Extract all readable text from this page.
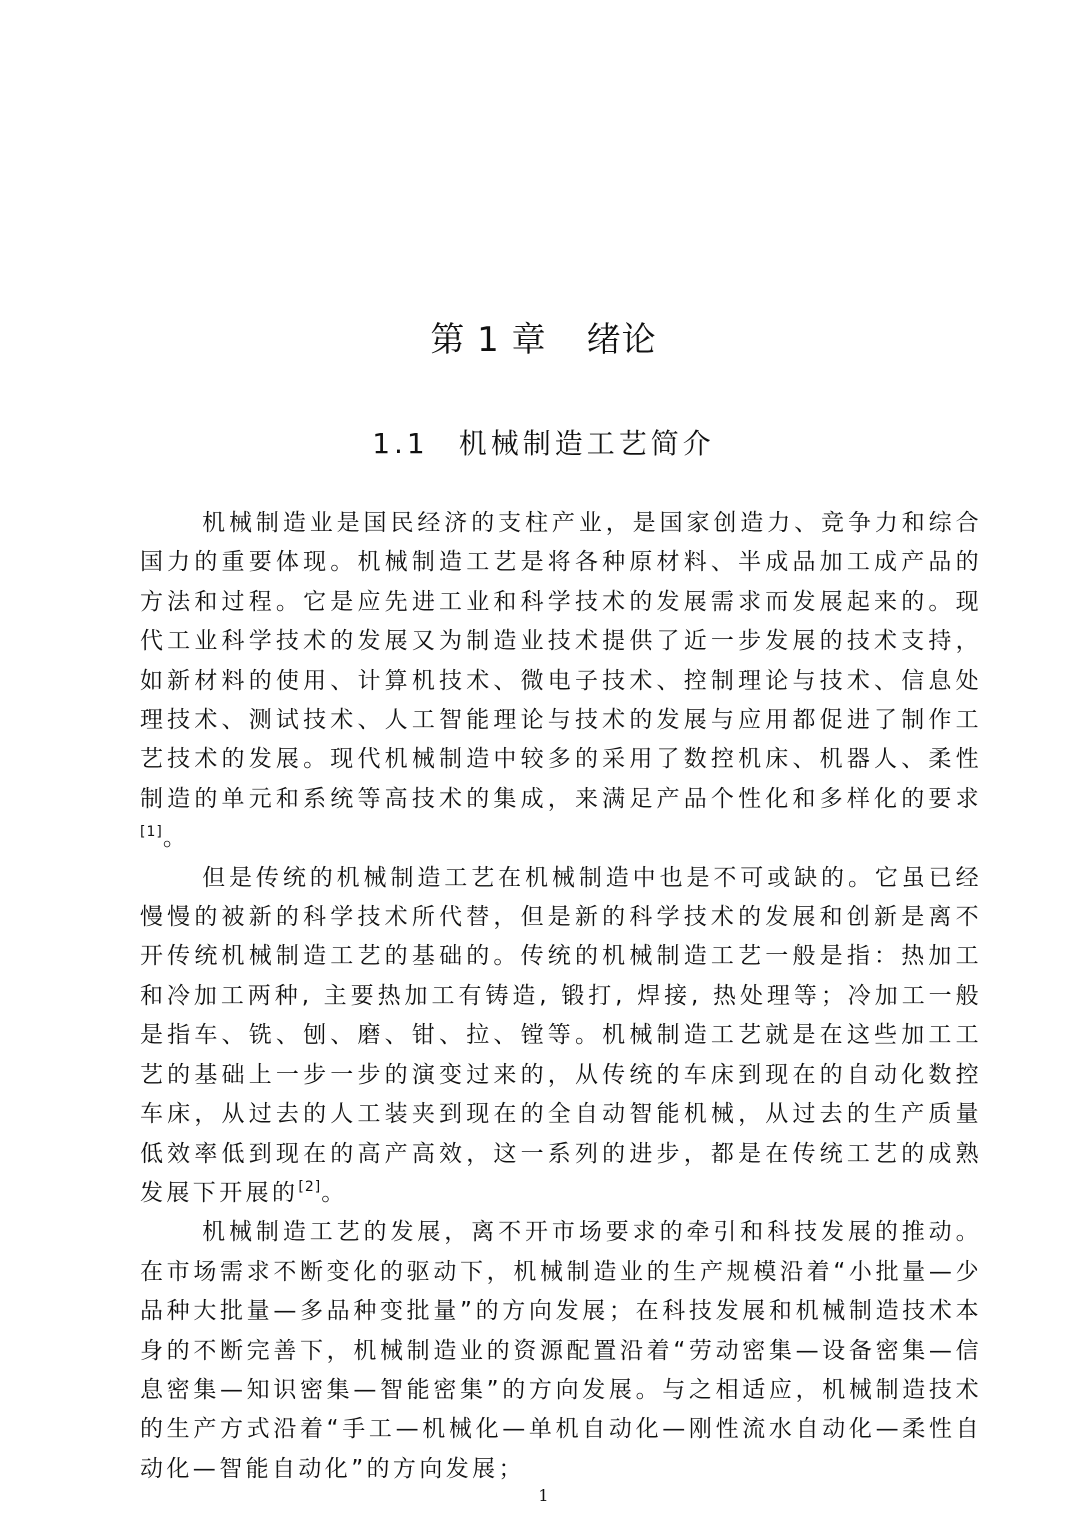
第 1 章 绪论
1.1 机械制造工艺简介

机械制造业是国民经济的支柱产业，是国家创造力、竞争力和综合国力的重要体现。机械制造工艺是将各种原材料、半成品加工成产品的方法和过程。它是应先进工业和科学技术的发展需求而发展起来的。现代工业科学技术的发展又为制造业技术提供了近一步发展的技术支持，如新材料的使用、计算机技术、微电子技术、控制理论与技术、信息处理技术、测试技术、人工智能理论与技术的发展与应用都促进了制作工艺技术的发展。现代机械制造中较多的采用了数控机床、机器人、柔性制造的单元和系统等高技术的集成，来满足产品个性化和多样化的要求[1]。

但是传统的机械制造工艺在机械制造中也是不可或缺的。它虽已经慢慢的被新的科学技术所代替，但是新的科学技术的发展和创新是离不开传统机械制造工艺的基础的。传统的机械制造工艺一般是指：热加工和冷加工两种, 主要热加工有铸造, 锻打, 焊接, 热处理等；冷加工一般是指车、铣、刨、磨、钳、拉、镗等。机械制造工艺就是在这些加工工艺的基础上一步一步的演变过来的，从传统的车床到现在的自动化数控车床，从过去的人工装夹到现在的全自动智能机械，从过去的生产质量低效率低到现在的高产高效，这一系列的进步，都是在传统工艺的成熟发展下开展的[2]。

机械制造工艺的发展，离不开市场要求的牵引和科技发展的推动。在市场需求不断变化的驱动下，机械制造业的生产规模沿着“小批量—少品种大批量—多品种变批量”的方向发展；在科技发展和机械制造技术本身的不断完善下，机械制造业的资源配置沿着“劳动密集—设备密集—信息密集—知识密集—智能密集”的方向发展。与之相适应，机械制造技术的生产方式沿着“手工—机械化—单机自动化—刚性流水自动化—柔性自动化—智能自动化”的方向发展；

1
